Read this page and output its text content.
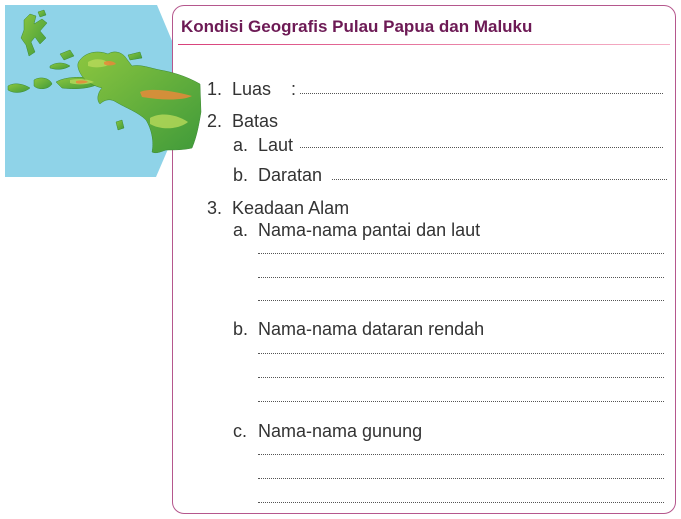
Kondisi Geografis Pulau Papua dan Maluku
1. Luas :
2. Batas
a. Laut
b. Daratan
3. Keadaan Alam
a. Nama-nama pantai dan laut
b. Nama-nama dataran rendah
c. Nama-nama gunung
